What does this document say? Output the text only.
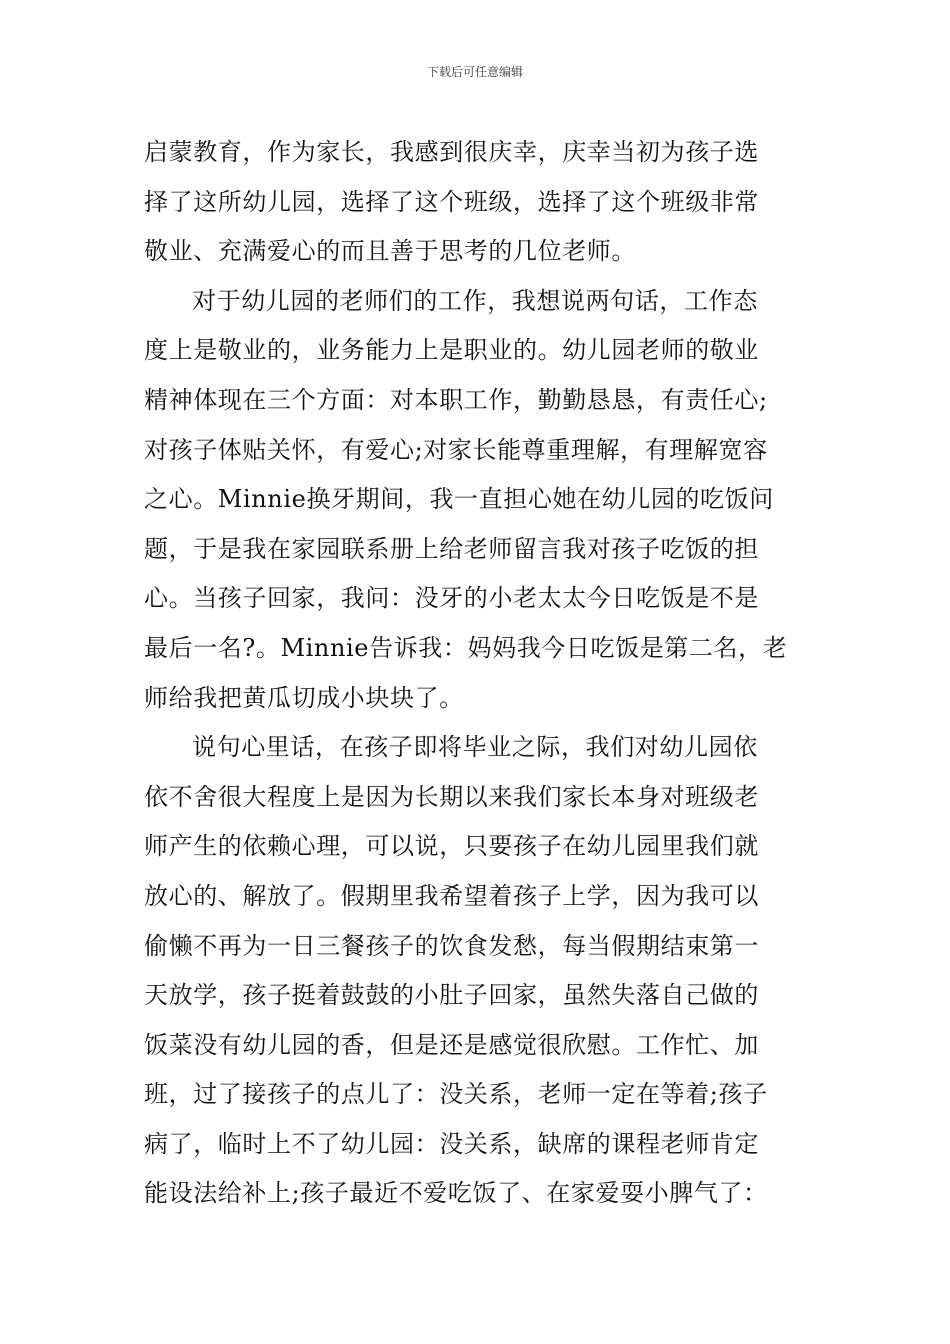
下载后可任意编辑

启蒙教育，作为家长，我感到很庆幸，庆幸当初为孩子选
择了这所幼儿园，选择了这个班级，选择了这个班级非常
敬业、充满爱心的而且善于思考的几位老师。

对于幼儿园的老师们的工作，我想说两句话，工作态
度上是敬业的，业务能力上是职业的。幼儿园老师的敬业
精神体现在三个方面：对本职工作，勤勤恳恳，有责任心;
对孩子体贴关怀，有爱心;对家长能尊重理解，有理解宽容
之心。Minnie换牙期间，我一直担心她在幼儿园的吃饭问
题，于是我在家园联系册上给老师留言我对孩子吃饭的担
心。当孩子回家，我问：没牙的小老太太今日吃饭是不是
最后一名?。Minnie告诉我：妈妈我今日吃饭是第二名，老
师给我把黄瓜切成小块块了。

说句心里话，在孩子即将毕业之际，我们对幼儿园依
依不舍很大程度上是因为长期以来我们家长本身对班级老
师产生的依赖心理，可以说，只要孩子在幼儿园里我们就
放心的、解放了。假期里我希望着孩子上学，因为我可以
偷懒不再为一日三餐孩子的饮食发愁，每当假期结束第一
天放学，孩子挺着鼓鼓的小肚子回家，虽然失落自己做的
饭菜没有幼儿园的香，但是还是感觉很欣慰。工作忙、加
班，过了接孩子的点儿了：没关系，老师一定在等着;孩子
病了，临时上不了幼儿园：没关系，缺席的课程老师肯定
能设法给补上;孩子最近不爱吃饭了、在家爱耍小脾气了：
